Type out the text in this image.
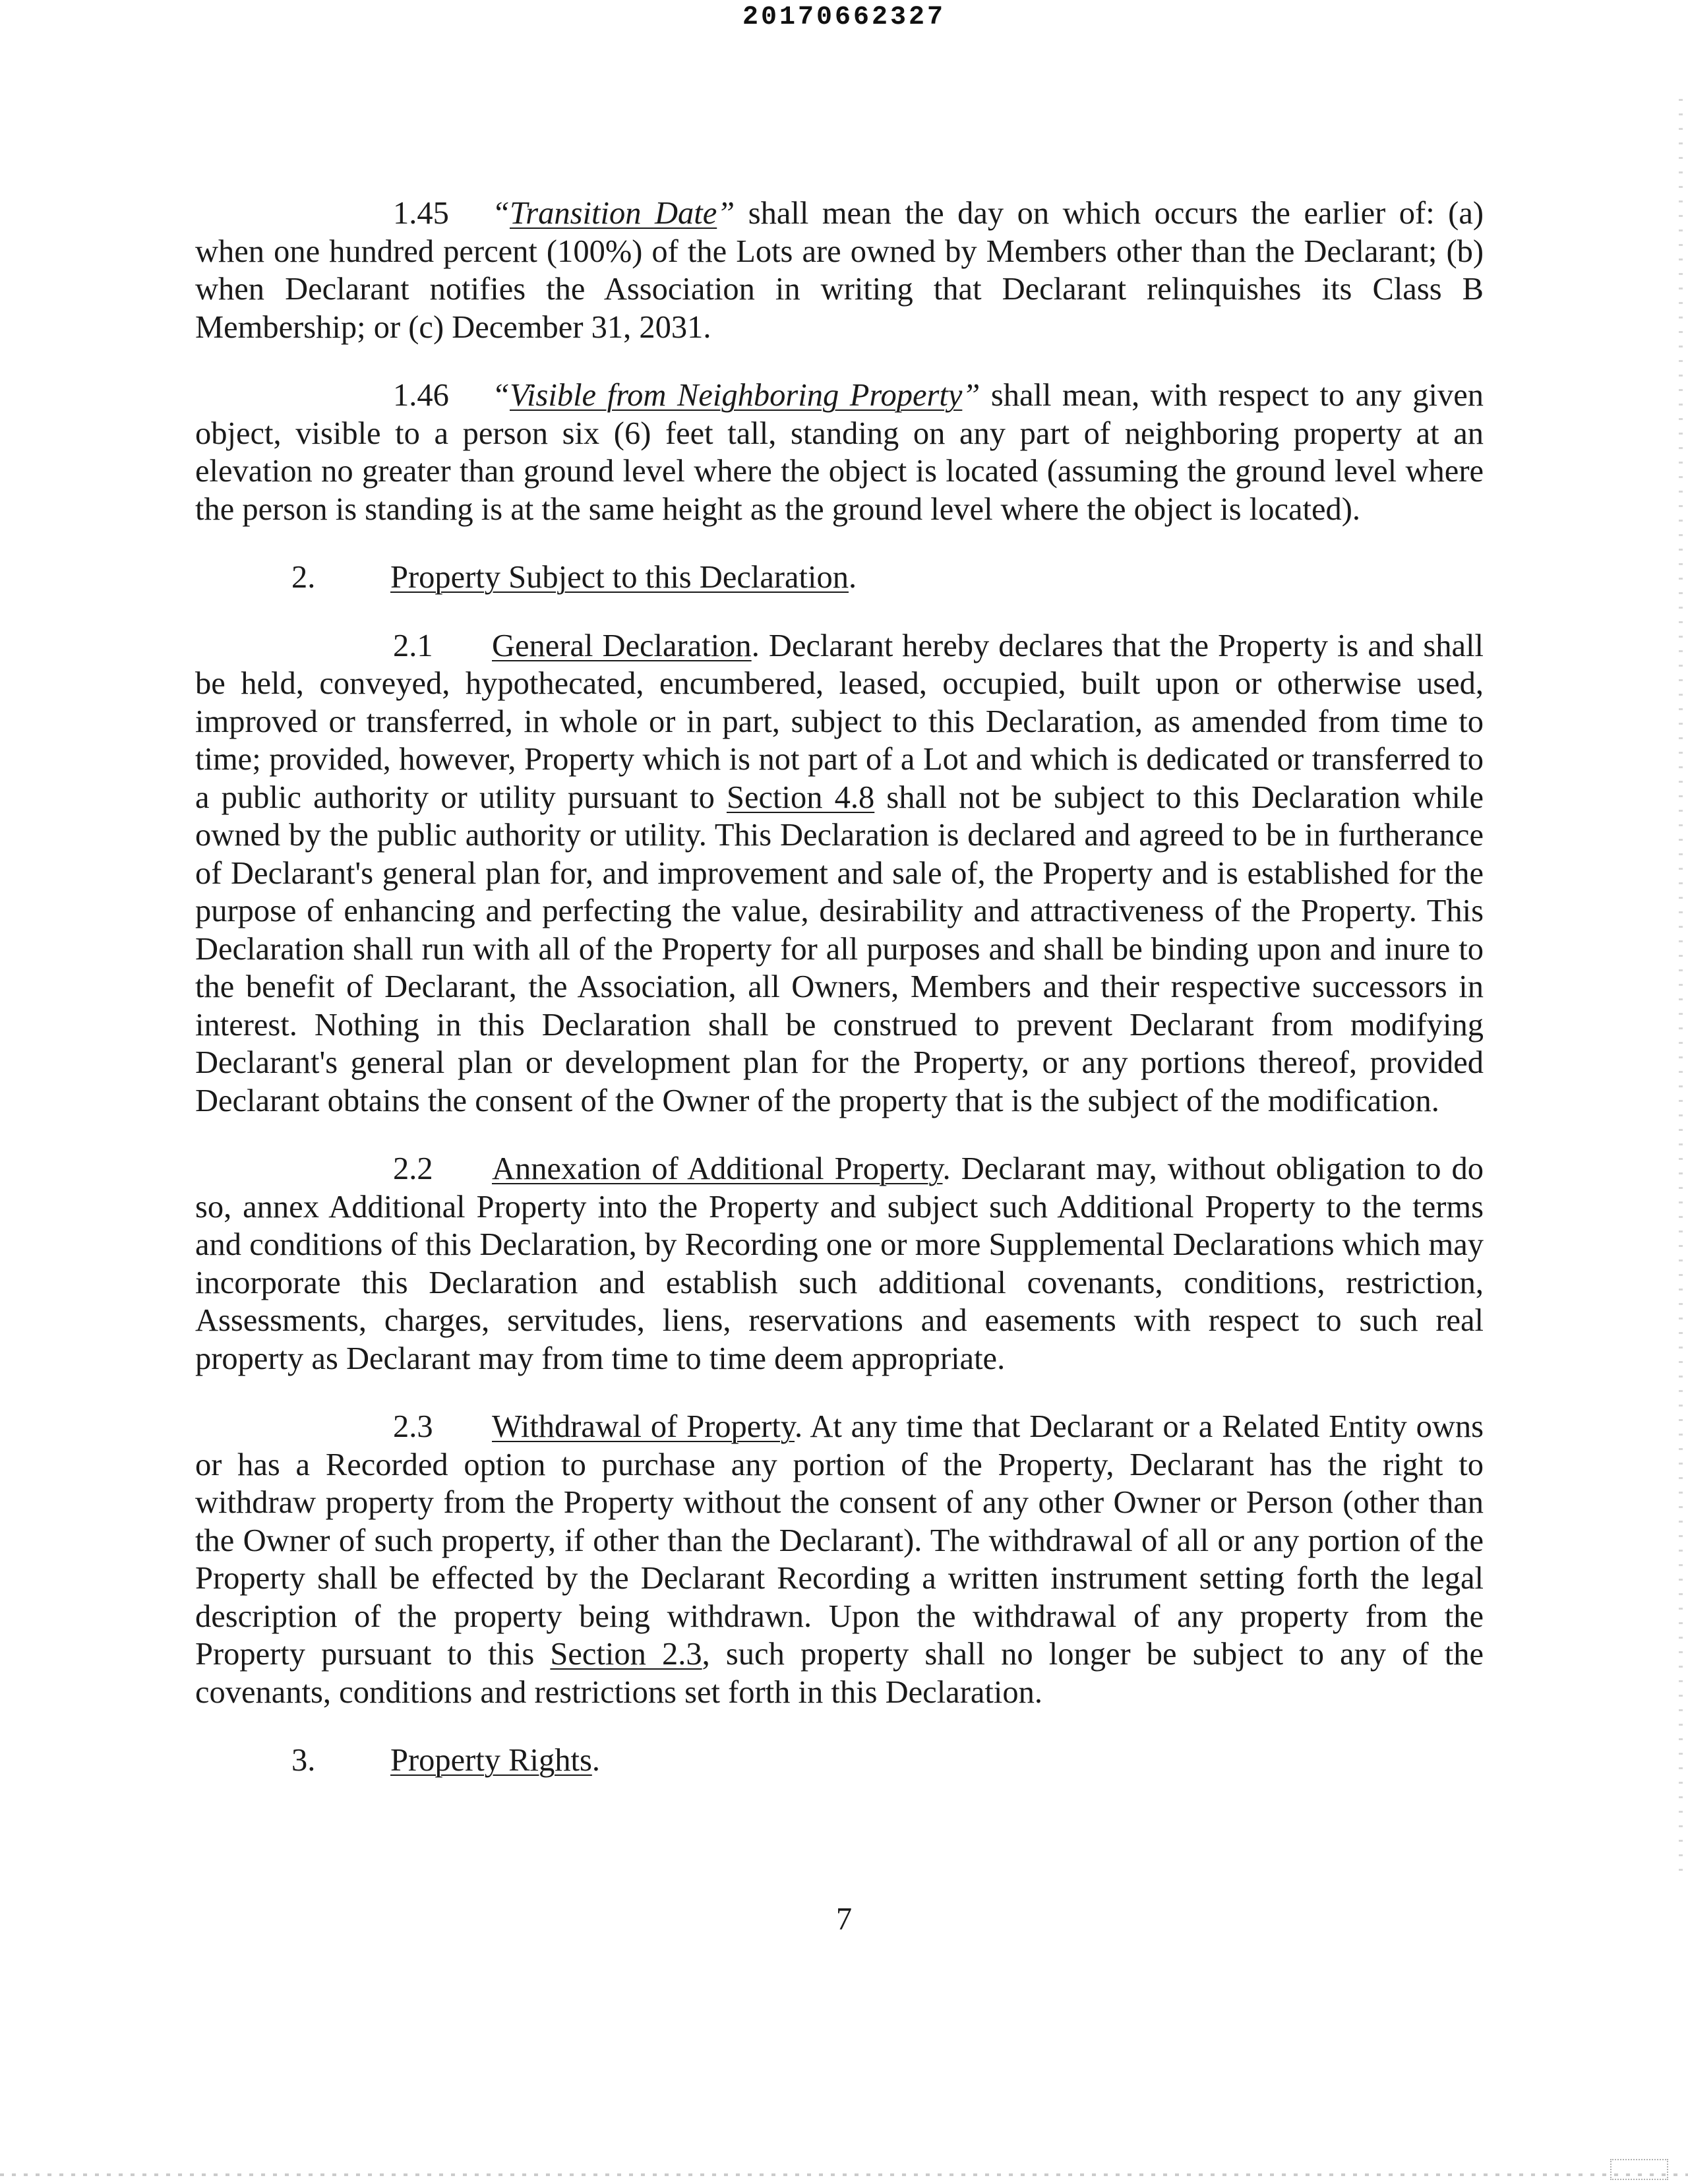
20170662327

1.45 “Transition Date” shall mean the day on which occurs the earlier of: (a) when one hundred percent (100%) of the Lots are owned by Members other than the Declarant; (b) when Declarant notifies the Association in writing that Declarant relinquishes its Class B Membership; or (c) December 31, 2031.

1.46 “Visible from Neighboring Property” shall mean, with respect to any given object, visible to a person six (6) feet tall, standing on any part of neighboring property at an elevation no greater than ground level where the object is located (assuming the ground level where the person is standing is at the same height as the ground level where the object is located).

2. Property Subject to this Declaration.

2.1 General Declaration. Declarant hereby declares that the Property is and shall be held, conveyed, hypothecated, encumbered, leased, occupied, built upon or otherwise used, improved or transferred, in whole or in part, subject to this Declaration, as amended from time to time; provided, however, Property which is not part of a Lot and which is dedicated or transferred to a public authority or utility pursuant to Section 4.8 shall not be subject to this Declaration while owned by the public authority or utility. This Declaration is declared and agreed to be in furtherance of Declarant's general plan for, and improvement and sale of, the Property and is established for the purpose of enhancing and perfecting the value, desirability and attractiveness of the Property. This Declaration shall run with all of the Property for all purposes and shall be binding upon and inure to the benefit of Declarant, the Association, all Owners, Members and their respective successors in interest. Nothing in this Declaration shall be construed to prevent Declarant from modifying Declarant's general plan or development plan for the Property, or any portions thereof, provided Declarant obtains the consent of the Owner of the property that is the subject of the modification.

2.2 Annexation of Additional Property. Declarant may, without obligation to do so, annex Additional Property into the Property and subject such Additional Property to the terms and conditions of this Declaration, by Recording one or more Supplemental Declarations which may incorporate this Declaration and establish such additional covenants, conditions, restriction, Assessments, charges, servitudes, liens, reservations and easements with respect to such real property as Declarant may from time to time deem appropriate.

2.3 Withdrawal of Property. At any time that Declarant or a Related Entity owns or has a Recorded option to purchase any portion of the Property, Declarant has the right to withdraw property from the Property without the consent of any other Owner or Person (other than the Owner of such property, if other than the Declarant). The withdrawal of all or any portion of the Property shall be effected by the Declarant Recording a written instrument setting forth the legal description of the property being withdrawn. Upon the withdrawal of any property from the Property pursuant to this Section 2.3, such property shall no longer be subject to any of the covenants, conditions and restrictions set forth in this Declaration.

3. Property Rights.
7
